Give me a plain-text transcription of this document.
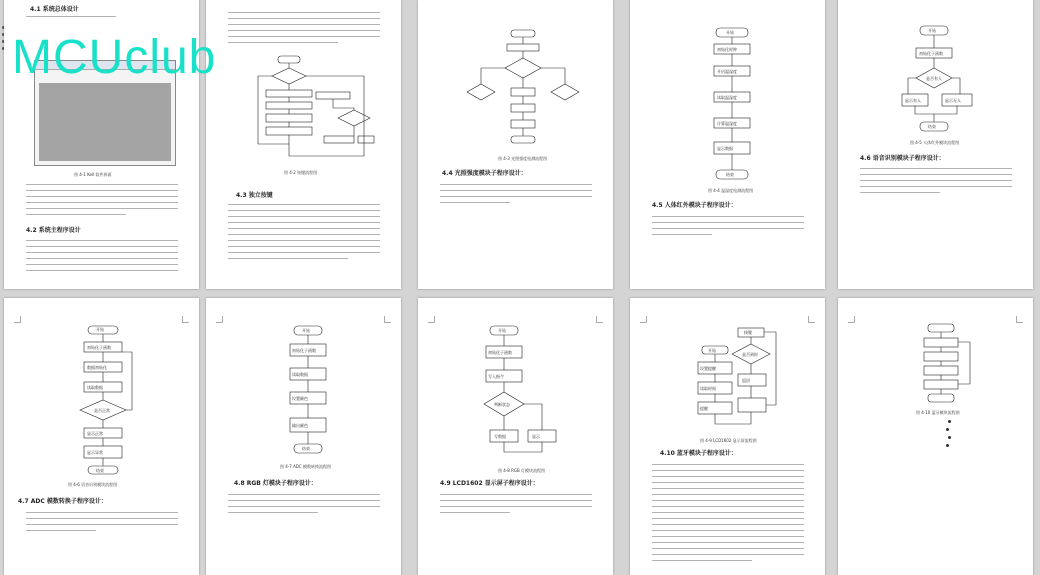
MCUclub
4.1 系统总体设计
图 4-1 Keil 软件界面
4.2 系统主程序设计
图 4-2 按键流程图
4.3 独立按键
图 4-3 光照强度检测流程图
4.4 光照强度模块子程序设计：
开始
初始化时钟
开启温湿度
读取温湿度
计算温湿度
显示数据
结束
图 4-4 温湿度检测流程图
4.5 人体红外模块子程序设计：
开始
初始化子函数
是否有人
显示有人	显示无人
结束
图 4-5 人体红外模块流程图
4.6 语音识别模块子程序设计：
开始
初始化子函数
数据初始化
读取数据
是否正常
显示正常
显示异常
结束
图 4-6 语音识别模块流程图
4.7 ADC 模数转换子程序设计：
开始
初始化子函数
读取数据
设置颜色
输出颜色
结束
图 4-7 ADC 模数转换流程图
4.8 RGB 灯模块子程序设计：
开始
初始化子函数
写入指令
判断状态
写数据	显示
图 4-8 RGB 灯模块流程图
4.9 LCD1602 显示屏子程序设计：
开始
设置提醒
读取时间
提醒
按键
是否到时
返回
图 4-9 LCD1602 显示屏流程图
4.10 蓝牙模块子程序设计：
图 4-10 蓝牙模块流程图
